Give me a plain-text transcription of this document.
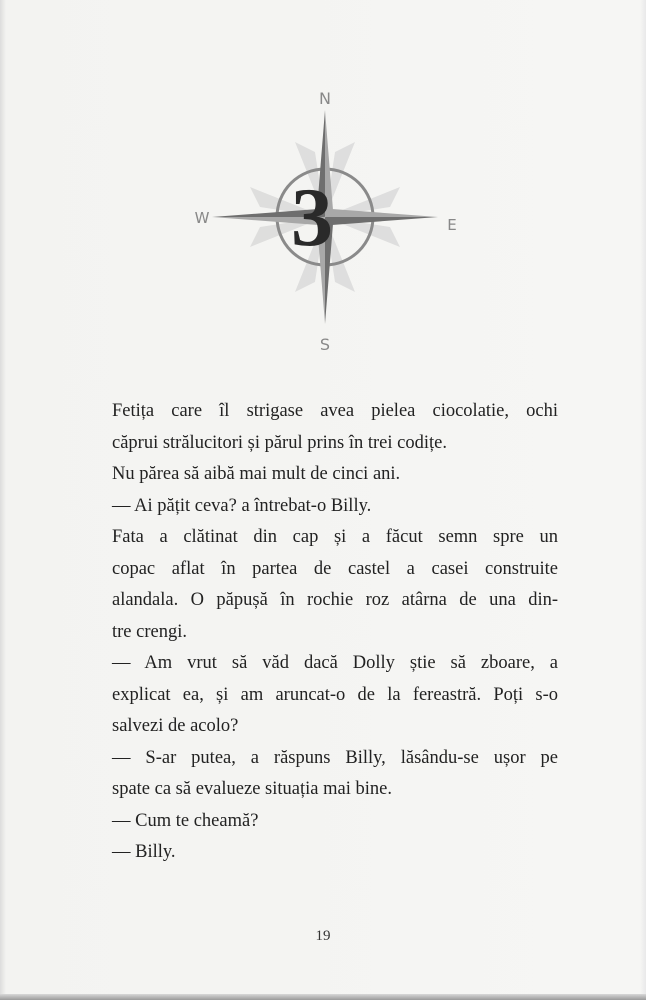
N
S
W	E
3

Fetița care îl strigase avea pielea ciocolatie, ochi
căprui strălucitori și părul prins în trei codițe.

Nu părea să aibă mai mult de cinci ani.

— Ai pățit ceva? a întrebat-o Billy.

Fata a clătinat din cap și a făcut semn spre un
copac aflat în partea de castel a casei construite
alandala. O păpușă în rochie roz atârna de una din-
tre crengi.

— Am vrut să văd dacă Dolly știe să zboare, a
explicat ea, și am aruncat-o de la fereastră. Poți s-o
salvezi de acolo?

— S-ar putea, a răspuns Billy, lăsându-se ușor pe
spate ca să evalueze situația mai bine.

— Cum te cheamă?

— Billy.

19
